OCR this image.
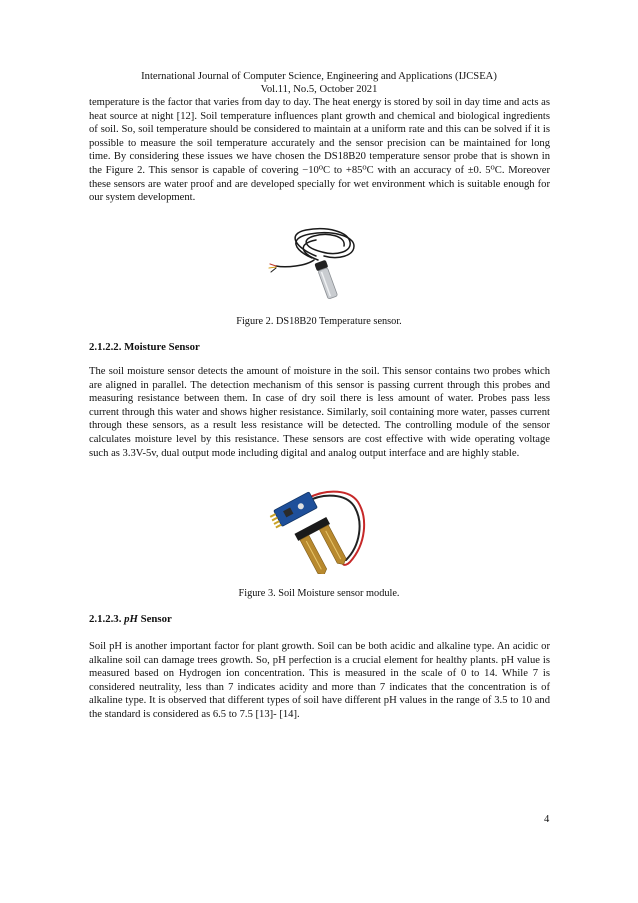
International Journal of Computer Science, Engineering and Applications (IJCSEA)
Vol.11, No.5, October 2021

temperature is the factor that varies from day to day. The heat energy is stored by soil in day time and acts as heat source at night [12]. Soil temperature influences plant growth and chemical and biological ingredients of soil. So, soil temperature should be considered to maintain at a uniform rate and this can be solved if it is possible to measure the soil temperature accurately and the sensor precision can be maintained for long time. By considering these issues we have chosen the DS18B20 temperature sensor probe that is shown in the Figure 2. This sensor is capable of covering −10⁰C to +85⁰C with an accuracy of ±0. 5⁰C. Moreover these sensors are water proof and are developed specially for wet environment which is suitable enough for our system development.

Figure 2. DS18B20 Temperature sensor.
2.1.2.2. Moisture Sensor

The soil moisture sensor detects the amount of moisture in the soil. This sensor contains two probes which are aligned in parallel. The detection mechanism of this sensor is passing current through this probes and measuring resistance between them. In case of dry soil there is less amount of water. Probes pass less current through this water and shows higher resistance. Similarly, soil containing more water, passes current through these sensors, as a result less resistance will be detected. The controlling module of the sensor calculates moisture level by this resistance. These sensors are cost effective with wide operating voltage such as 3.3V-5v, dual output mode including digital and analog output interface and are highly stable.

Figure 3. Soil Moisture sensor module.
2.1.2.3. pH Sensor

Soil pH is another important factor for plant growth. Soil can be both acidic and alkaline type. An acidic or alkaline soil can damage trees growth. So, pH perfection is a crucial element for healthy plants. pH value is measured based on Hydrogen ion concentration. This is measured in the scale of 0 to 14. While 7 is considered neutrality, less than 7 indicates acidity and more than 7 indicates that the concentration is of alkaline type. It is observed that different types of soil have different pH values in the range of 3.5 to 10 and the standard is considered as 6.5 to 7.5 [13]- [14].

4
